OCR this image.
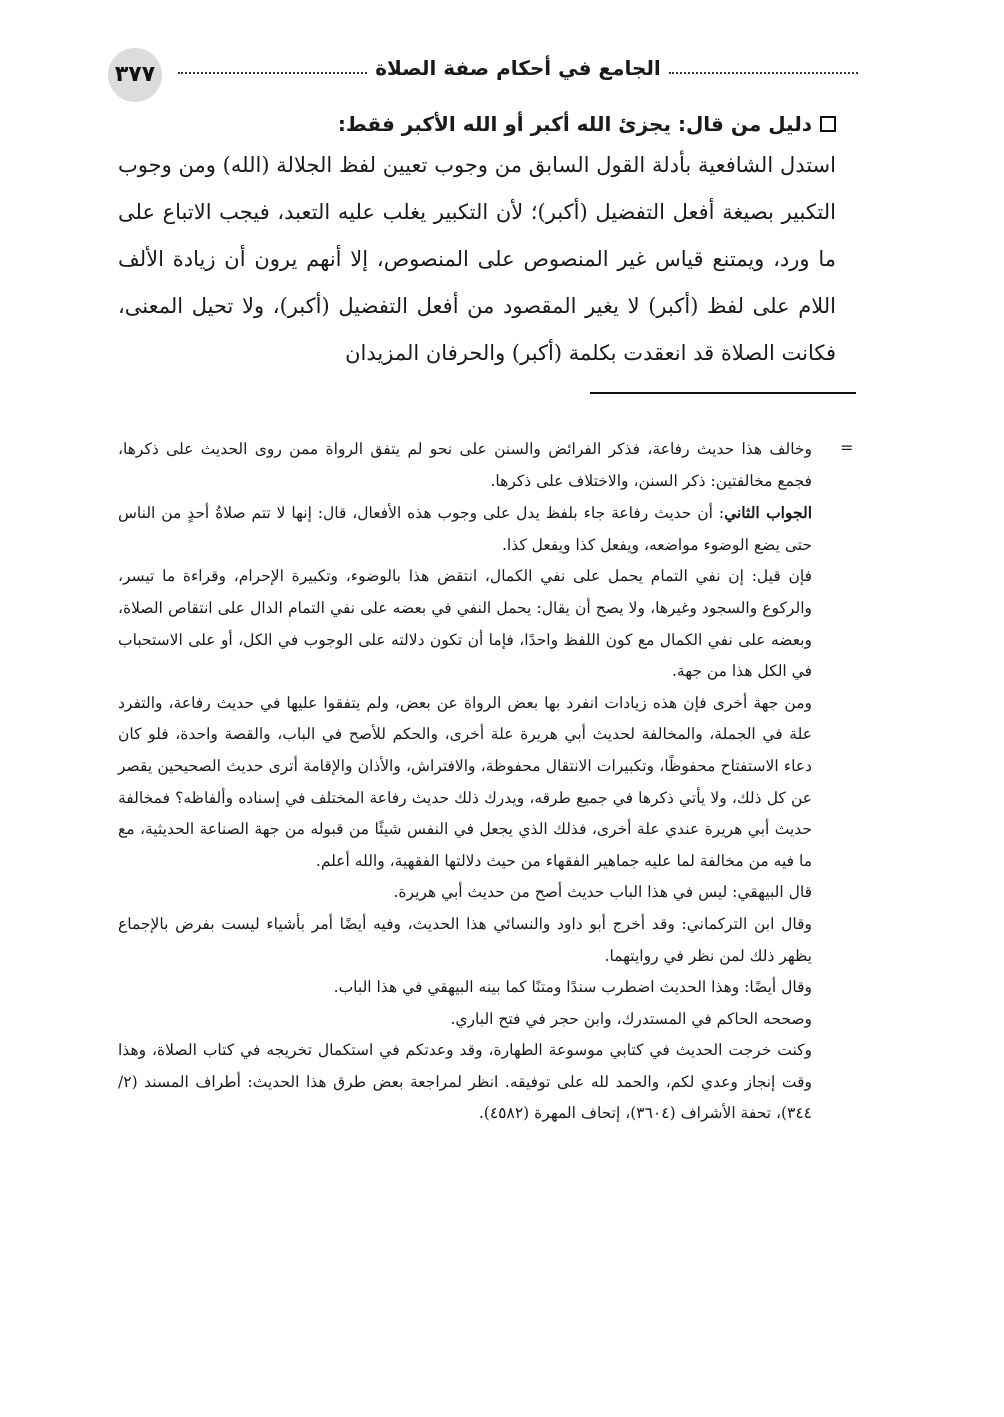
٣٧٧	الجامع في أحكام صفة الصلاة
دليل من قال: يجزئ الله أكبر أو الله الأكبر فقط:
استدل الشافعية بأدلة القول السابق من وجوب تعيين لفظ الجلالة (الله) ومن وجوب التكبير بصيغة أفعل التفضيل (أكبر)؛ لأن التكبير يغلب عليه التعبد، فيجب الاتباع على ما ورد، ويمتنع قياس غير المنصوص على المنصوص، إلا أنهم يرون أن زيادة الألف اللام على لفظ (أكبر) لا يغير المقصود من أفعل التفضيل (أكبر)، ولا تحيل المعنى، فكانت الصلاة قد انعقدت بكلمة (أكبر) والحرفان المزيدان
=

وخالف هذا حديث رفاعة، فذكر الفرائض والسنن على نحو لم يتفق الرواة ممن روى الحديث على ذكرها، فجمع مخالفتين: ذكر السنن، والاختلاف على ذكرها.

الجواب الثاني: أن حديث رفاعة جاء بلفظ يدل على وجوب هذه الأفعال، قال: إنها لا تتم صلاةُ أحدٍ من الناس حتى يضع الوضوء مواضعه، ويفعل كذا ويفعل كذا.

فإن قيل: إن نفي التمام يحمل على نفي الكمال، انتقض هذا بالوضوء، وتكبيرة الإحرام، وقراءة ما تيسر، والركوع والسجود وغيرها، ولا يصح أن يقال: يحمل النفي في بعضه على نفي التمام الدال على انتقاص الصلاة، وبعضه على نفي الكمال مع كون اللفظ واحدًا، فإما أن تكون دلالته على الوجوب في الكل، أو على الاستحباب في الكل هذا من جهة.

ومن جهة أخرى فإن هذه زيادات انفرد بها بعض الرواة عن بعض، ولم يتفقوا عليها في حديث رفاعة، والتفرد علة في الجملة، والمخالفة لحديث أبي هريرة علة أخرى، والحكم للأصح في الباب، والقصة واحدة، فلو كان دعاء الاستفتاح محفوظًا، وتكبيرات الانتقال محفوظة، والافتراش، والأذان والإقامة أترى حديث الصحيحين يقصر عن كل ذلك، ولا يأتي ذكرها في جميع طرقه، ويدرك ذلك حديث رفاعة المختلف في إسناده وألفاظه؟ فمخالفة حديث أبي هريرة عندي علة أخرى، فذلك الذي يجعل في النفس شيئًا من قبوله من جهة الصناعة الحديثية، مع ما فيه من مخالفة لما عليه جماهير الفقهاء من حيث دلالتها الفقهية، والله أعلم.

قال البيهقي: ليس في هذا الباب حديث أصح من حديث أبي هريرة.

وقال ابن التركماني: وقد أخرج أبو داود والنسائي هذا الحديث، وفيه أيضًا أمر بأشياء ليست بفرض بالإجماع يظهر ذلك لمن نظر في روايتهما.

وقال أيضًا: وهذا الحديث اضطرب سندًا ومتنًا كما بينه البيهقي في هذا الباب.

وصححه الحاكم في المستدرك، وابن حجر في فتح الباري.

وكنت خرجت الحديث في كتابي موسوعة الطهارة، وقد وعدتكم في استكمال تخريجه في كتاب الصلاة، وهذا وقت إنجاز وعدي لكم، والحمد لله على توفيقه. انظر لمراجعة بعض طرق هذا الحديث: أطراف المسند (٢/ ٣٤٤)، تحفة الأشراف (٣٦٠٤)، إتحاف المهرة (٤٥٨٢).
